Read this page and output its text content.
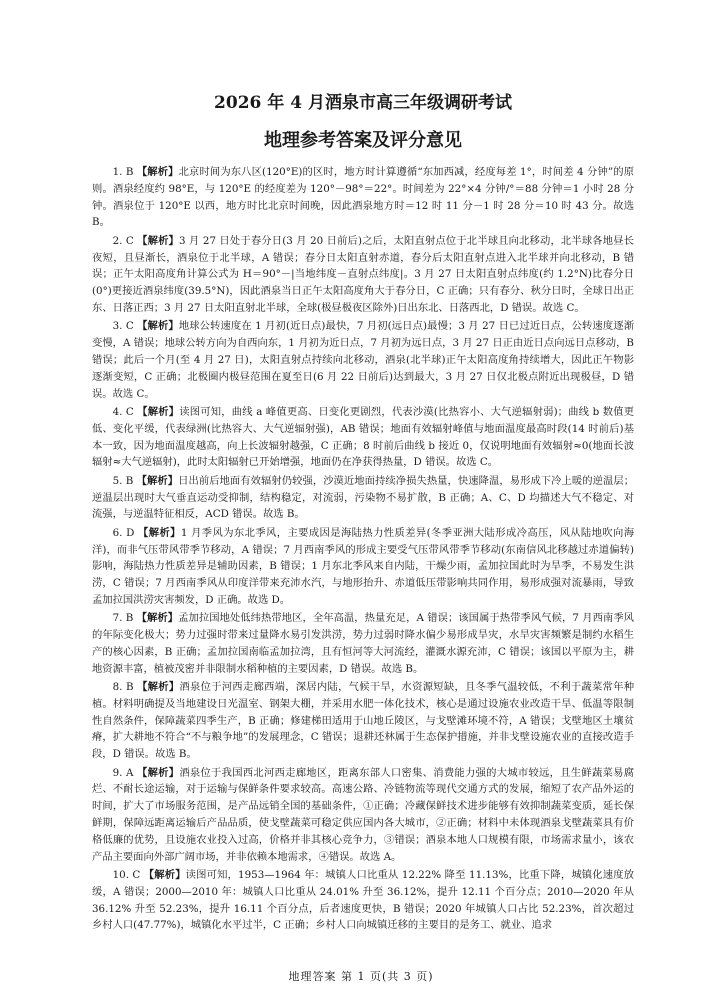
2026 年 4 月酒泉市高三年级调研考试
地理参考答案及评分意见

1. B 【解析】北京时间为东八区(120°E)的区时，地方时计算遵循“东加西减，经度每差 1°，时间差 4 分钟”的原则。酒泉经度约 98°E，与 120°E 的经度差为 120°－98°＝22°。时间差为 22°×4 分钟/°＝88 分钟＝1 小时 28 分钟。酒泉位于 120°E 以西，地方时比北京时间晚，因此酒泉地方时＝12 时 11 分－1 时 28 分＝10 时 43 分。故选 B。

2. C 【解析】3 月 27 日处于春分日(3 月 20 日前后)之后，太阳直射点位于北半球且向北移动，北半球各地昼长夜短，且昼渐长，酒泉位于北半球，A 错误；春分日太阳直射赤道，春分后太阳直射点进入北半球并向北移动，B 错误；正午太阳高度角计算公式为 H＝90°－|当地纬度－直射点纬度|。3 月 27 日太阳直射点纬度(约 1.2°N)比春分日(0°)更接近酒泉纬度(39.5°N)，因此酒泉当日正午太阳高度角大于春分日，C 正确；只有春分、秋分日时，全球日出正东、日落正西；3 月 27 日太阳直射北半球，全球(极昼极夜区除外)日出东北、日落西北，D 错误。故选 C。

3. C 【解析】地球公转速度在 1 月初(近日点)最快，7 月初(远日点)最慢；3 月 27 日已过近日点，公转速度逐渐变慢，A 错误；地球公转方向为自西向东，1 月初为近日点，7 月初为远日点，3 月 27 日正由近日点向远日点移动，B 错误；此后一个月(至 4 月 27 日)，太阳直射点持续向北移动，酒泉(北半球)正午太阳高度角持续增大，因此正午物影逐渐变短，C 正确；北极圈内极昼范围在夏至日(6 月 22 日前后)达到最大，3 月 27 日仅北极点附近出现极昼，D 错误。故选 C。

4. C 【解析】读图可知，曲线 a 峰值更高、日变化更剧烈，代表沙漠(比热容小、大气逆辐射弱)；曲线 b 数值更低、变化平缓，代表绿洲(比热容大、大气逆辐射强)，AB 错误；地面有效辐射峰值与地面温度最高时段(14 时前后)基本一致，因为地面温度越高，向上长波辐射越强，C 正确；8 时前后曲线 b 接近 0，仅说明地面有效辐射≈0(地面长波辐射≈大气逆辐射)，此时太阳辐射已开始增强，地面仍在净获得热量，D 错误。故选 C。

5. B 【解析】日出前后地面有效辐射仍较强，沙漠近地面持续净损失热量，快速降温，易形成下冷上暖的逆温层；逆温层出现时大气垂直运动受抑制，结构稳定，对流弱，污染物不易扩散，B 正确；A、C、D 均描述大气不稳定、对流强，与逆温特征相反，ACD 错误。故选 B。

6. D 【解析】1 月季风为东北季风，主要成因是海陆热力性质差异(冬季亚洲大陆形成冷高压，风从陆地吹向海洋)，而非气压带风带季节移动，A 错误；7 月西南季风的形成主要受气压带风带季节移动(东南信风北移越过赤道偏转)影响，海陆热力性质差异是辅助因素，B 错误；1 月东北季风来自内陆，干燥少雨，孟加拉国此时为旱季，不易发生洪涝，C 错误；7 月西南季风从印度洋带来充沛水汽，与地形抬升、赤道低压带影响共同作用，易形成强对流暴雨，导致孟加拉国洪涝灾害频发，D 正确。故选 D。

7. B 【解析】孟加拉国地处低纬热带地区，全年高温，热量充足，A 错误；该国属于热带季风气候，7 月西南季风的年际变化极大；势力过强时带来过量降水易引发洪涝，势力过弱时降水偏少易形成旱灾，水旱灾害频繁是制约水稻生产的核心因素，B 正确；孟加拉国南临孟加拉湾，且有恒河等大河流经，灌溉水源充沛，C 错误；该国以平原为主，耕地资源丰富，植被茂密并非限制水稻种植的主要因素，D 错误。故选 B。

8. B 【解析】酒泉位于河西走廊西端，深居内陆，气候干旱，水资源短缺，且冬季气温较低，不利于蔬菜常年种植。材料明确提及当地建设日光温室、钢架大棚，并采用水肥一体化技术，核心是通过设施农业改造干旱、低温等限制性自然条件，保障蔬菜四季生产，B 正确；修建梯田适用于山地丘陵区，与戈壁滩环境不符，A 错误；戈壁地区土壤贫瘠，扩大耕地不符合“不与粮争地”的发展理念，C 错误；退耕还林属于生态保护措施，并非戈壁设施农业的直接改造手段，D 错误。故选 B。

9. A 【解析】酒泉位于我国西北河西走廊地区，距离东部人口密集、消费能力强的大城市较远，且生鲜蔬菜易腐烂、不耐长途运输，对于运输与保鲜条件要求较高。高速公路、冷链物流等现代交通方式的发展，缩短了农产品外运的时间，扩大了市场服务范围，是产品远销全国的基础条件，①正确；冷藏保鲜技术进步能够有效抑制蔬菜变质，延长保鲜期，保障远距离运输后产品品质，使戈壁蔬菜可稳定供应国内各大城市，②正确；材料中未体现酒泉戈壁蔬菜具有价格低廉的优势，且设施农业投入过高，价格并非其核心竞争力，③错误；酒泉本地人口规模有限，市场需求量小，该农产品主要面向外部广阔市场，并非依赖本地需求，④错误。故选 A。

10. C 【解析】读图可知，1953—1964 年：城镇人口比重从 12.22% 降至 11.13%，比重下降，城镇化速度放缓，A 错误；2000—2010 年：城镇人口比重从 24.01% 升至 36.12%，提升 12.11 个百分点；2010—2020 年从 36.12% 升至 52.23%，提升 16.11 个百分点，后者速度更快，B 错误；2020 年城镇人口占比 52.23%，首次超过乡村人口(47.77%)，城镇化水平过半，C 正确；乡村人口向城镇迁移的主要目的是务工、就业、追求

地理答案 第 1 页(共 3 页)
